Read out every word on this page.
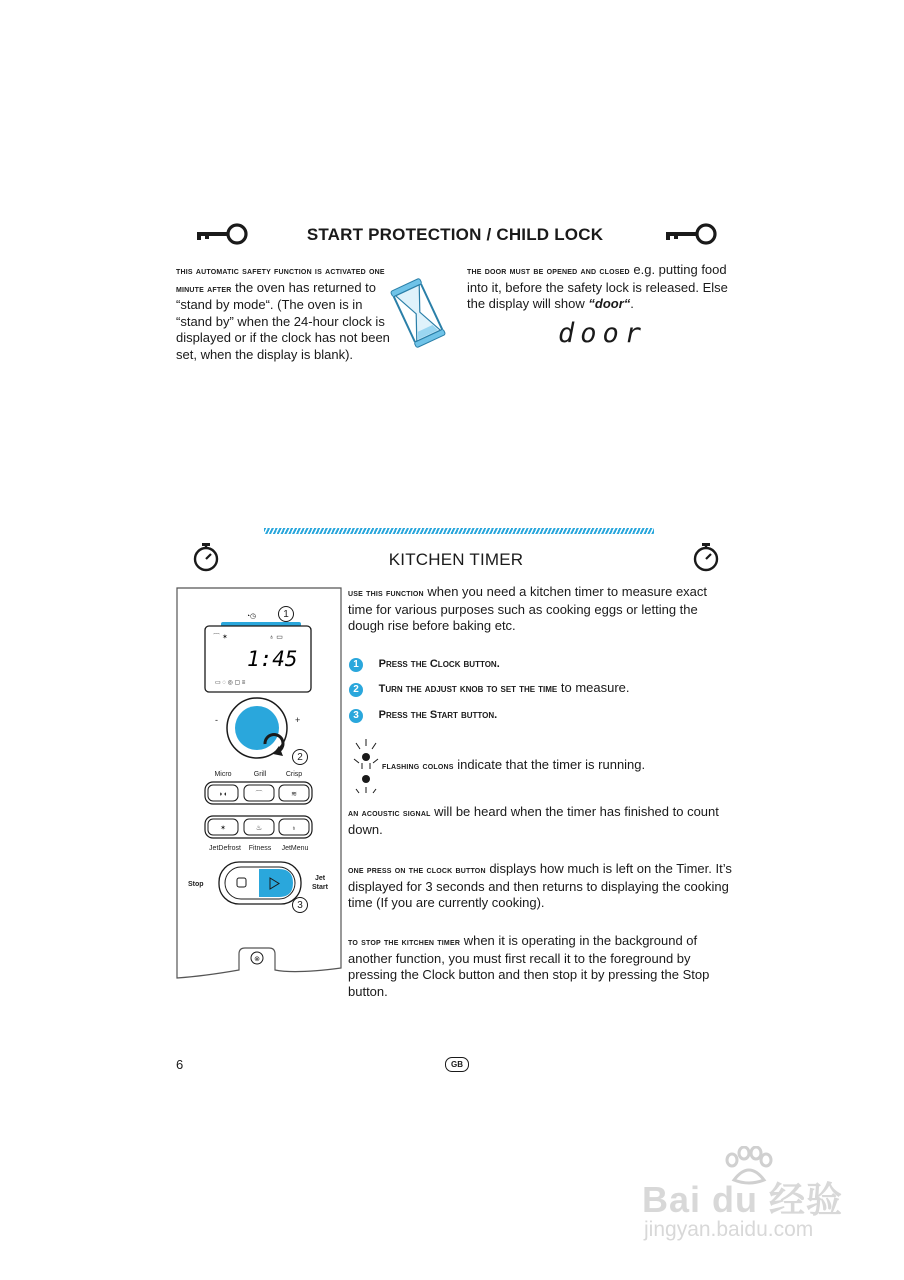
START PROTECTION / CHILD LOCK
this automatic safety function is activated one minute after the oven has returned to “stand by mode“. (The oven is in “stand by” when the 24-hour clock is displayed or if the clock has not been set, when the display is blank).
the door must be opened and closed e.g. putting food into it, before the safety lock is released. Else the display will show “door“.
door
KITCHEN TIMER
◔◷	1
⌒ ✶	♁ ▭
1:45
▭ ◌ ◎ ▢ ≡
-	+
2
Micro	Grill	Crisp
◗◖	⌒	≋
✶	♨	♁
JetDefrost Fitness JetMenu
Stop
Jet
Start
3
⊗
use this function when you need a kitchen timer to measure exact time for various purposes such as cooking eggs or letting the dough rise before baking etc.
1 Press the Clock button.
2 Turn the adjust knob to set the time to measure.
3 Press the Start button.
flashing colons indicate that the timer is running.
an acoustic signal will be heard when the timer has finished to count down.
one press on the clock button displays how much is left on the Timer. It’s displayed for 3 seconds and then returns to displaying the cooking time (If you are currently cooking).
to stop the kitchen timer when it is operating in the background of another function, you must first recall it to the foreground by pressing the Clock button and then stop it by pressing the Stop button.
6	GB
Bai du 经验
jingyan.baidu.com
